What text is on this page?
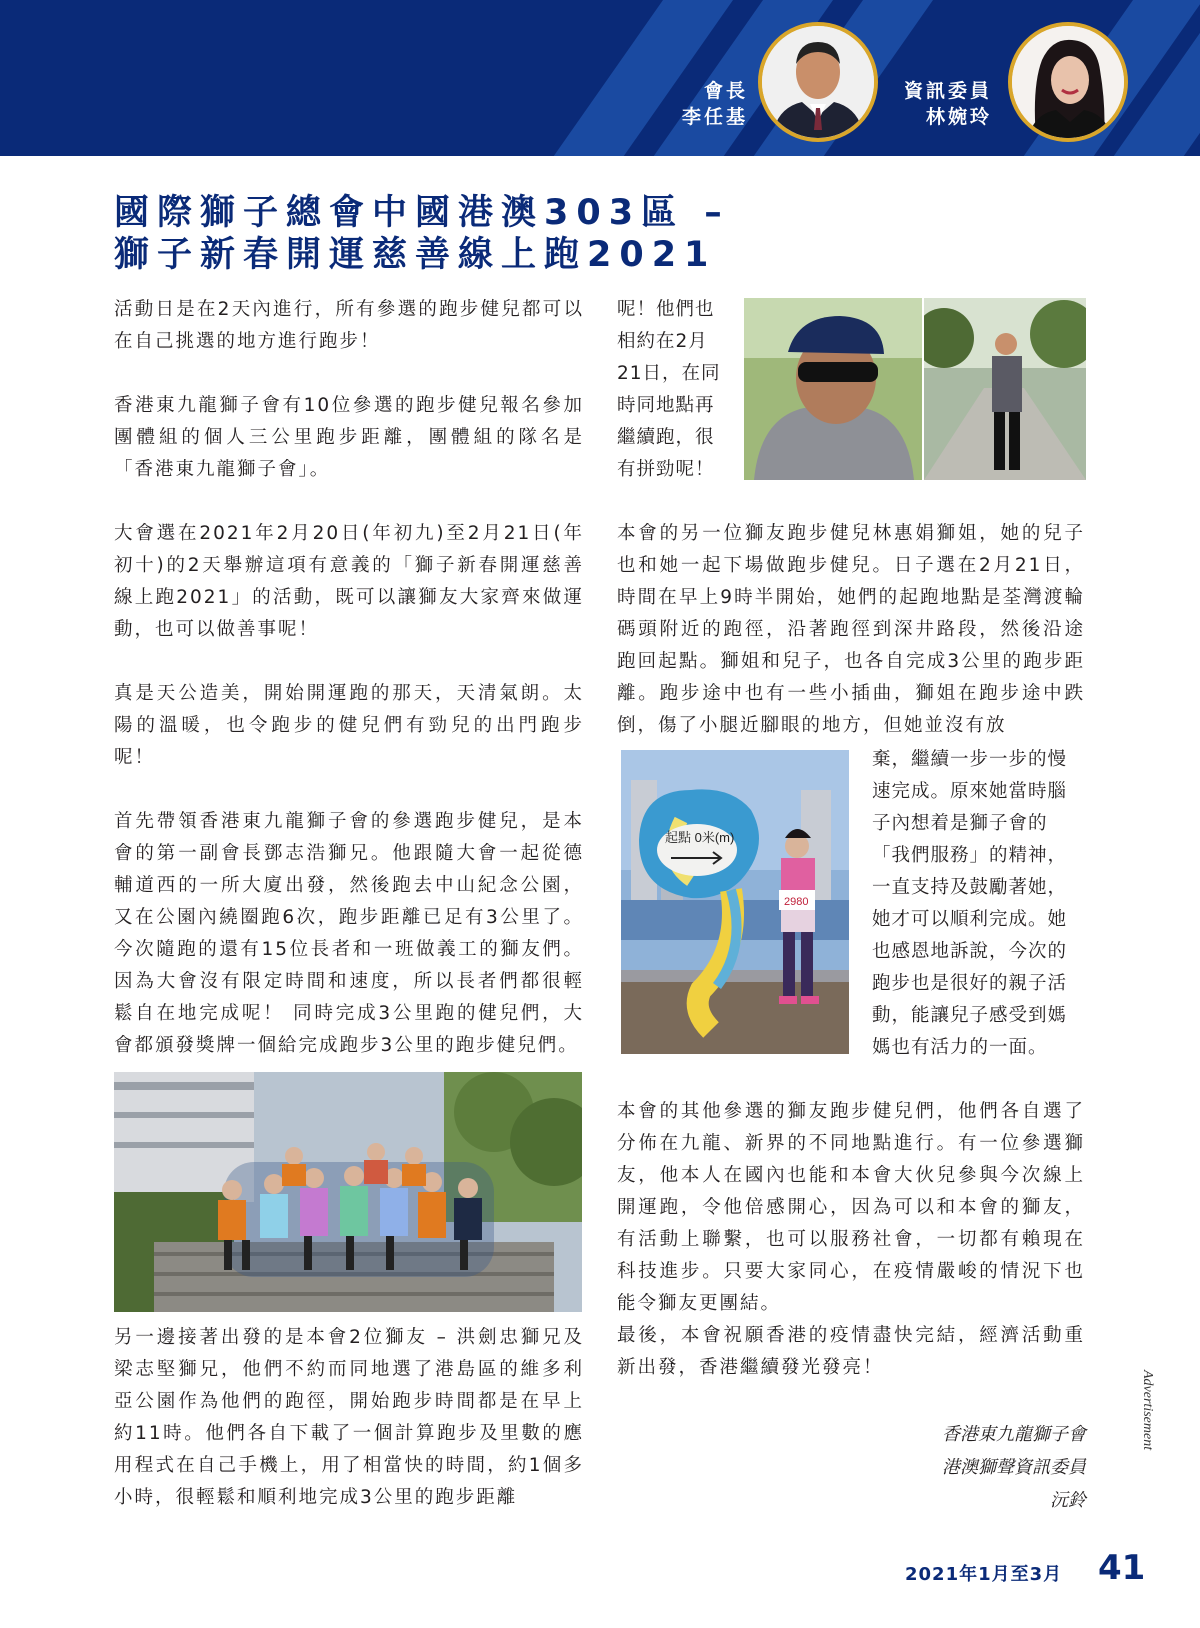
會長
李任基
資訊委員
林婉玲
國際獅子總會中國港澳303區 –
獅子新春開運慈善線上跑2021

活動日是在2天內進行，所有參選的跑步健兒都可以在自己挑選的地方進行跑步！

香港東九龍獅子會有10位參選的跑步健兒報名參加團體組的個人三公里跑步距離，團體組的隊名是「香港東九龍獅子會」。

大會選在2021年2月20日(年初九)至2月21日(年初十)的2天舉辦這項有意義的「獅子新春開運慈善線上跑2021」的活動，既可以讓獅友大家齊來做運動，也可以做善事呢！

真是天公造美，開始開運跑的那天，天清氣朗。太陽的溫暖，也令跑步的健兒們有勁兒的出門跑步呢！

首先帶領香港東九龍獅子會的參選跑步健兒，是本會的第一副會長鄧志浩獅兄。他跟隨大會一起從德輔道西的一所大廈出發，然後跑去中山紀念公園，又在公園內繞圈跑6次，跑步距離已足有3公里了。今次隨跑的還有15位長者和一班做義工的獅友們。因為大會沒有限定時間和速度，所以長者們都很輕鬆自在地完成呢！ 同時完成3公里跑的健兒們，大會都頒發獎牌一個給完成跑步3公里的跑步健兒們。

另一邊接著出發的是本會2位獅友 – 洪劍忠獅兄及梁志堅獅兄，他們不約而同地選了港島區的維多利亞公園作為他們的跑徑，開始跑步時間都是在早上約11時。他們各自下載了一個計算跑步及里數的應用程式在自己手機上，用了相當快的時間，約1個多小時，很輕鬆和順利地完成3公里的跑步距離

呢！他們也
相約在2月
21日，在同
時同地點再
繼續跑，很
有拼勁呢！

本會的另一位獅友跑步健兒林惠娟獅姐，她的兒子也和她一起下場做跑步健兒。日子選在2月21日，時間在早上9時半開始，她們的起跑地點是荃灣渡輪碼頭附近的跑徑，沿著跑徑到深井路段，然後沿途跑回起點。獅姐和兒子，也各自完成3公里的跑步距離。跑步途中也有一些小插曲，獅姐在跑步途中跌倒，傷了小腿近腳眼的地方，但她並沒有放

起點 0米(m)
2980
棄，繼續一步一步的慢
速完成。原來她當時腦
子內想着是獅子會的
「我們服務」的精神，
一直支持及鼓勵著她，
她才可以順利完成。她
也感恩地訴說，今次的
跑步也是很好的親子活
動，能讓兒子感受到媽
媽也有活力的一面。

本會的其他參選的獅友跑步健兒們，他們各自選了分佈在九龍、新界的不同地點進行。有一位參選獅友，他本人在國內也能和本會大伙兒參與今次線上開運跑，令他倍感開心，因為可以和本會的獅友，有活動上聯繫，也可以服務社會，一切都有賴現在科技進步。只要大家同心，在疫情嚴峻的情況下也能令獅友更團結。

最後，本會祝願香港的疫情盡快完結，經濟活動重新出發，香港繼續發光發亮！

香港東九龍獅子會
港澳獅聲資訊委員
沅鈴
Advertisement
2021年1月至3月 41
